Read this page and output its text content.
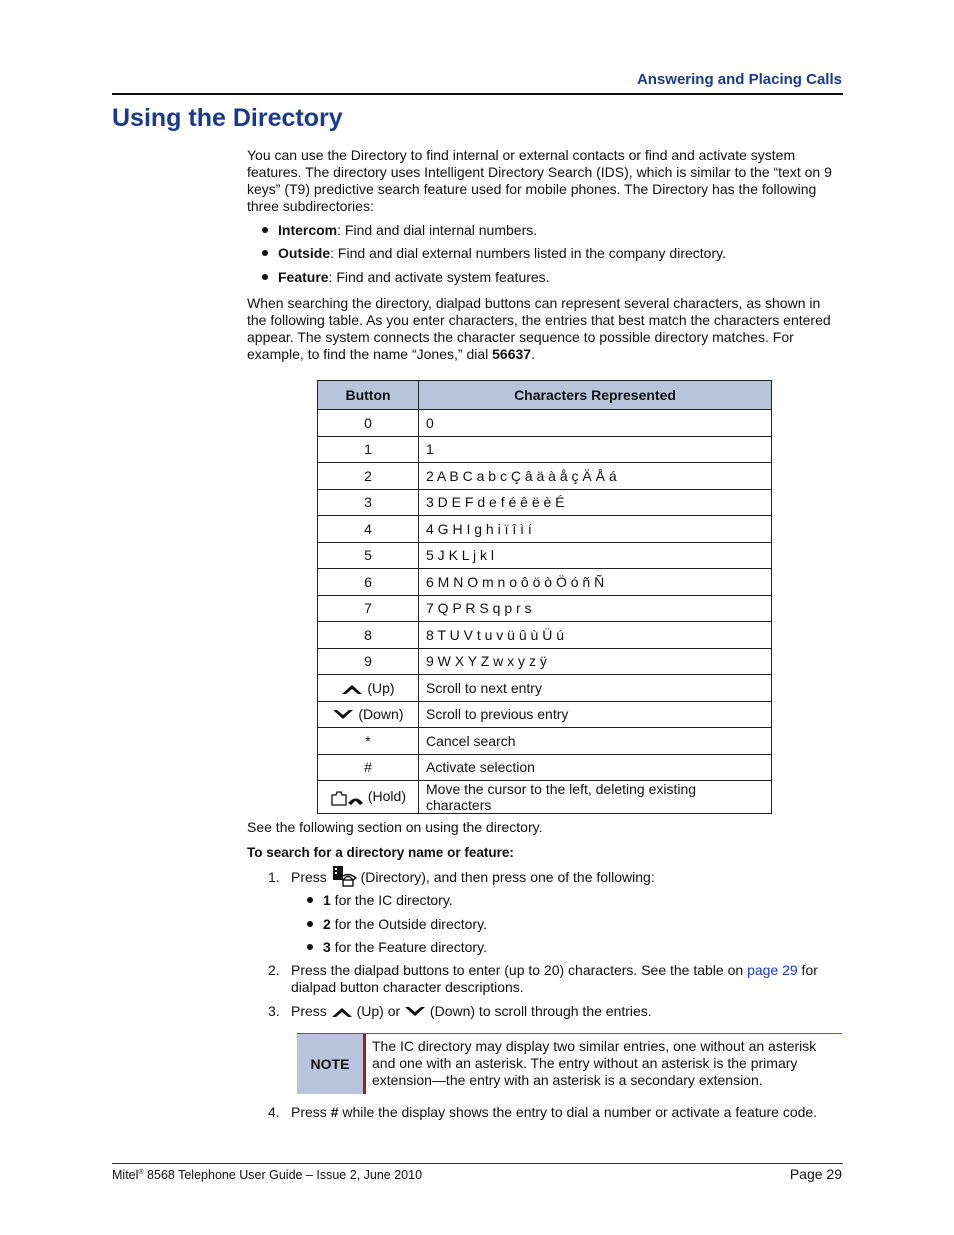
Answering and Placing Calls
Using the Directory
You can use the Directory to find internal or external contacts or find and activate system features. The directory uses Intelligent Directory Search (IDS), which is similar to the “text on 9 keys” (T9) predictive search feature used for mobile phones. The Directory has the following three subdirectories:
Intercom: Find and dial internal numbers.
Outside: Find and dial external numbers listed in the company directory.
Feature: Find and activate system features.
When searching the directory, dialpad buttons can represent several characters, as shown in the following table. As you enter characters, the entries that best match the characters entered appear. The system connects the character sequence to possible directory matches. For example, to find the name “Jones,” dial 56637.
Button	Characters Represented
0	0
1	1
2	2 A B C a b c Ç â ä à å ç Ä Å á
3	3 D E F d e f é ê ë è É
4	4 G H I g h i ï î ì í
5	5 J K L j k l
6	6 M N O m n o ô ö ò Ö ó ñ Ñ
7	7 Q P R S q p r s
8	8 T U V t u v ü û ù Ü ú
9	9 W X Y Z w x y z ÿ
(Up)	Scroll to next entry
(Down)	Scroll to previous entry
*	Cancel search
#	Activate selection
(Hold)	Move the cursor to the left, deleting existing characters
See the following section on using the directory.
To search for a directory name or feature:
1. Press (Directory), and then press one of the following:
1 for the IC directory.
2 for the Outside directory.
3 for the Feature directory.
2. Press the dialpad buttons to enter (up to 20) characters. See the table on page 29 for dialpad button character descriptions.
3. Press (Up) or (Down) to scroll through the entries.
NOTE
The IC directory may display two similar entries, one without an asterisk and one with an asterisk. The entry without an asterisk is the primary extension—the entry with an asterisk is a secondary extension.
4. Press # while the display shows the entry to dial a number or activate a feature code.
Mitel® 8568 Telephone User Guide – Issue 2, June 2010	Page 29
